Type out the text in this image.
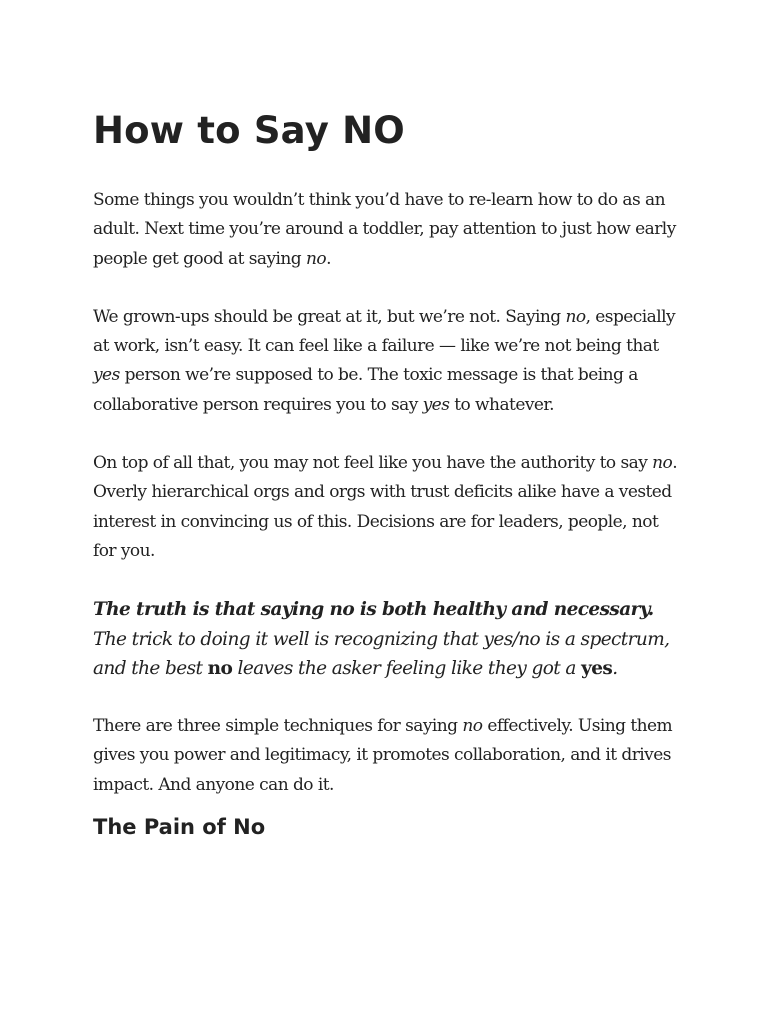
How to Say NO

Some things you wouldn’t think you’d have to re-learn how to do as an adult. Next time you’re around a toddler, pay attention to just how early people get good at saying no.

We grown-ups should be great at it, but we’re not. Saying no, especially at work, isn’t easy. It can feel like a failure — like we’re not being that yes person we’re supposed to be. The toxic message is that being a collaborative person requires you to say yes to whatever.

On top of all that, you may not feel like you have the authority to say no. Overly hierarchical orgs and orgs with trust deficits alike have a vested interest in convincing us of this. Decisions are for leaders, people, not for you.

The truth is that saying no is both healthy and necessary. The trick to doing it well is recognizing that yes/no is a spectrum, and the best no leaves the asker feeling like they got a yes.

There are three simple techniques for saying no effectively. Using them gives you power and legitimacy, it promotes collaboration, and it drives impact. And anyone can do it.

The Pain of No
